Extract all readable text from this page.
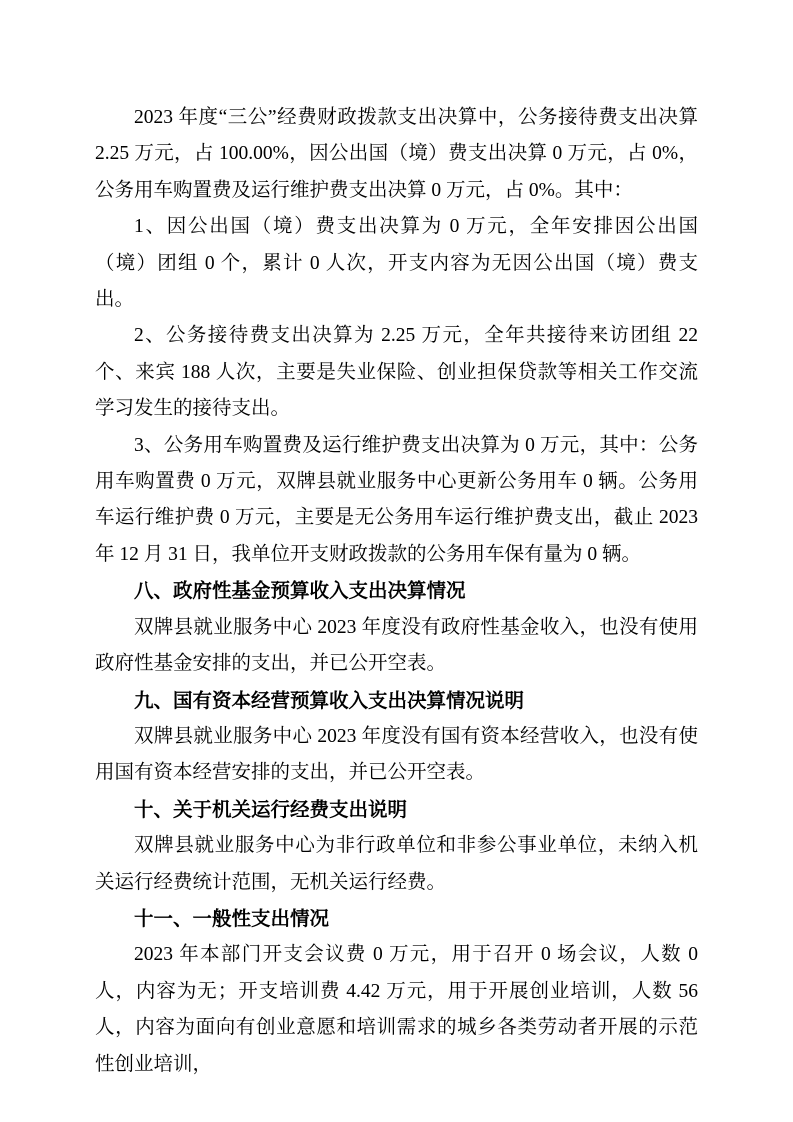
2023 年度“三公”经费财政拨款支出决算中，公务接待费支出决算 2.25 万元，占 100.00%，因公出国（境）费支出决算 0 万元，占 0%，公务用车购置费及运行维护费支出决算 0 万元，占 0%。其中：

1、因公出国（境）费支出决算为 0 万元，全年安排因公出国（境）团组 0 个，累计 0 人次，开支内容为无因公出国（境）费支出。

2、公务接待费支出决算为 2.25 万元，全年共接待来访团组 22 个、来宾 188 人次，主要是失业保险、创业担保贷款等相关工作交流学习发生的接待支出。

3、公务用车购置费及运行维护费支出决算为 0 万元，其中：公务用车购置费 0 万元，双牌县就业服务中心更新公务用车 0 辆。公务用车运行维护费 0 万元，主要是无公务用车运行维护费支出，截止 2023 年 12 月 31 日，我单位开支财政拨款的公务用车保有量为 0 辆。

八、政府性基金预算收入支出决算情况

双牌县就业服务中心 2023 年度没有政府性基金收入，也没有使用政府性基金安排的支出，并已公开空表。

九、国有资本经营预算收入支出决算情况说明

双牌县就业服务中心 2023 年度没有国有资本经营收入，也没有使用国有资本经营安排的支出，并已公开空表。

十、关于机关运行经费支出说明

双牌县就业服务中心为非行政单位和非参公事业单位，未纳入机关运行经费统计范围，无机关运行经费。

十一、一般性支出情况

2023 年本部门开支会议费 0 万元，用于召开 0 场会议，人数 0 人，内容为无；开支培训费 4.42 万元，用于开展创业培训，人数 56 人，内容为面向有创业意愿和培训需求的城乡各类劳动者开展的示范性创业培训，
